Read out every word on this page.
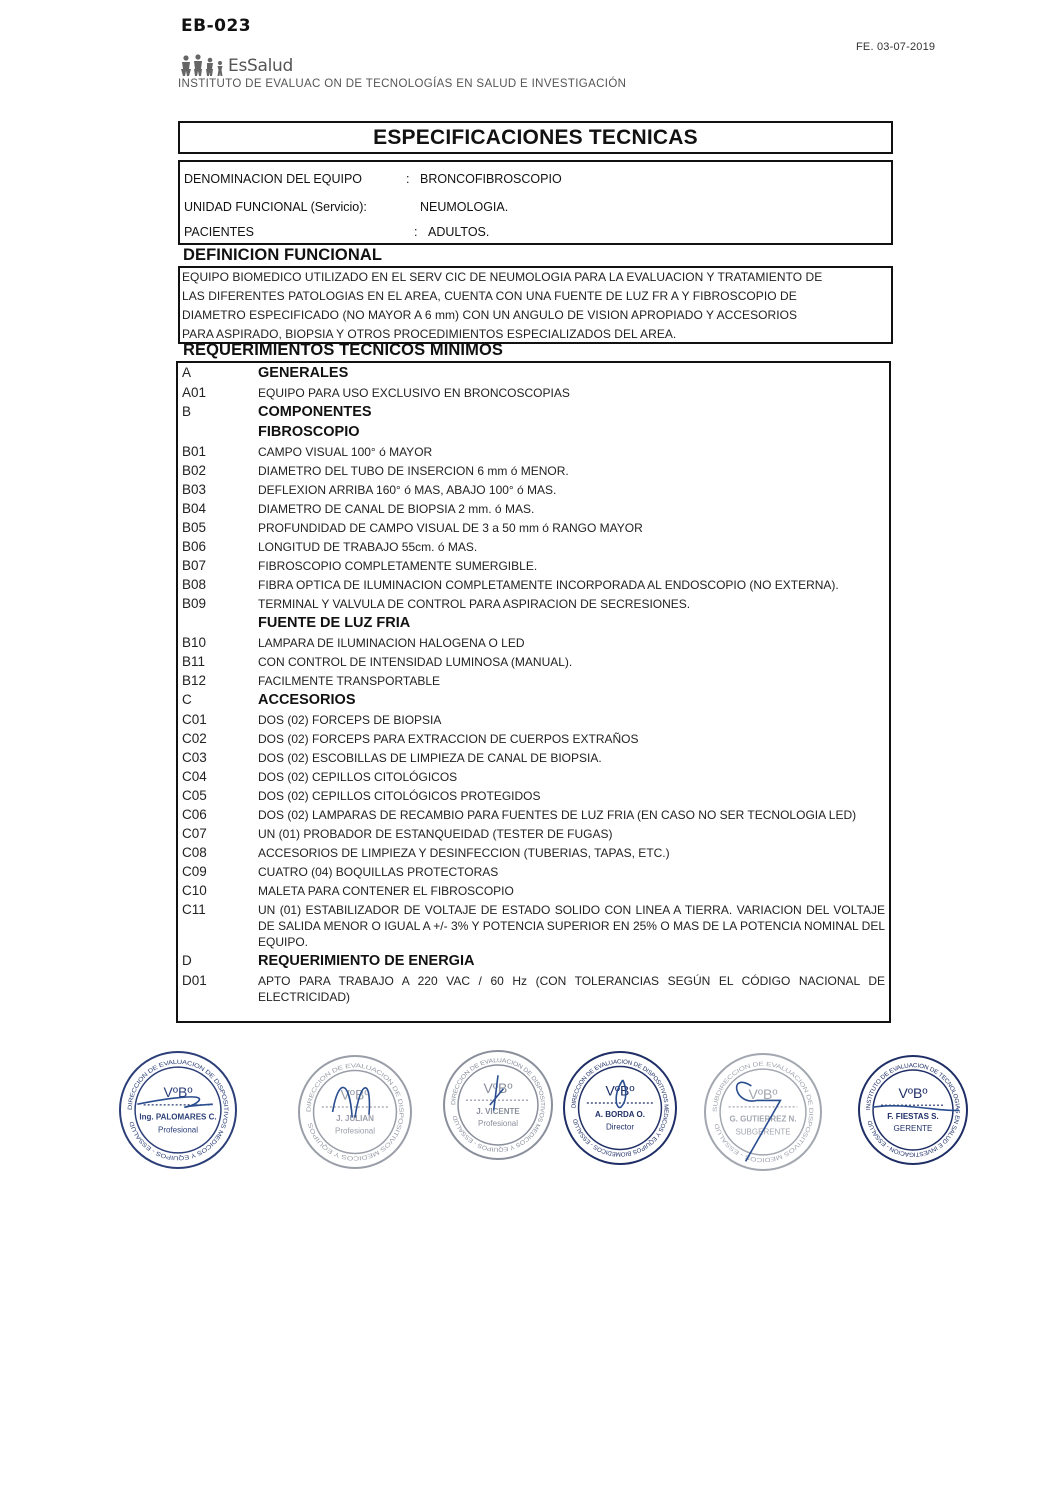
EB-023
FE. 03-07-2019
EsSalud
INSTITUTO DE EVALUAC ON DE TECNOLOGÍAS EN SALUD E INVESTIGACIÓN
ESPECIFICACIONES TECNICAS
DENOMINACION DEL EQUIPO	: BRONCOFIBROSCOPIO
UNIDAD FUNCIONAL (Servicio):	NEUMOLOGIA.
PACIENTES	: ADULTOS.
DEFINICION FUNCIONAL
EQUIPO BIOMEDICO UTILIZADO EN EL SERV CIC DE NEUMOLOGIA PARA LA EVALUACION Y TRATAMIENTO DE
LAS DIFERENTES PATOLOGIAS EN EL AREA, CUENTA CON UNA FUENTE DE LUZ FR A Y FIBROSCOPIO DE
DIAMETRO ESPECIFICADO (NO MAYOR A 6 mm) CON UN ANGULO DE VISION APROPIADO Y ACCESORIOS
PARA ASPIRADO, BIOPSIA Y OTROS PROCEDIMIENTOS ESPECIALIZADOS DEL AREA.
REQUERIMIENTOS TECNICOS MINIMOS
A	GENERALES
A01	EQUIPO PARA USO EXCLUSIVO EN BRONCOSCOPIAS
B	COMPONENTES
FIBROSCOPIO
B01	CAMPO VISUAL 100° ó MAYOR
B02	DIAMETRO DEL TUBO DE INSERCION 6 mm ó MENOR.
B03	DEFLEXION ARRIBA 160° ó MAS, ABAJO 100° ó MAS.
B04	DIAMETRO DE CANAL DE BIOPSIA 2 mm. ó MAS.
B05	PROFUNDIDAD DE CAMPO VISUAL DE 3 a 50 mm ó RANGO MAYOR
B06	LONGITUD DE TRABAJO 55cm. ó MAS.
B07	FIBROSCOPIO COMPLETAMENTE SUMERGIBLE.
B08	FIBRA OPTICA DE ILUMINACION COMPLETAMENTE INCORPORADA AL ENDOSCOPIO (NO EXTERNA).
B09	TERMINAL Y VALVULA DE CONTROL PARA ASPIRACION DE SECRESIONES.
FUENTE DE LUZ FRIA
B10	LAMPARA DE ILUMINACION HALOGENA O LED
B11	CON CONTROL DE INTENSIDAD LUMINOSA (MANUAL).
B12	FACILMENTE TRANSPORTABLE
C	ACCESORIOS
C01	DOS (02) FORCEPS DE BIOPSIA
C02	DOS (02) FORCEPS PARA EXTRACCION DE CUERPOS EXTRAÑOS
C03	DOS (02) ESCOBILLAS DE LIMPIEZA DE CANAL DE BIOPSIA.
C04	DOS (02) CEPILLOS CITOLÓGICOS
C05	DOS (02) CEPILLOS CITOLÓGICOS PROTEGIDOS
C06	DOS (02) LAMPARAS DE RECAMBIO PARA FUENTES DE LUZ FRIA (EN CASO NO SER TECNOLOGIA LED)
C07	UN (01) PROBADOR DE ESTANQUEIDAD (TESTER DE FUGAS)
C08	ACCESORIOS DE LIMPIEZA Y DESINFECCION (TUBERIAS, TAPAS, ETC.)
C09	CUATRO (04) BOQUILLAS PROTECTORAS
C10	MALETA PARA CONTENER EL FIBROSCOPIO
C11	UN (01) ESTABILIZADOR DE VOLTAJE DE ESTADO SOLIDO CON LINEA A TIERRA. VARIACION DEL VOLTAJE DE SALIDA MENOR O IGUAL A +/- 3% Y POTENCIA SUPERIOR EN 25% O MAS DE LA POTENCIA NOMINAL DEL EQUIPO.
D	REQUERIMIENTO DE ENERGIA
D01	APTO PARA TRABAJO A 220 VAC / 60 Hz (CON TOLERANCIAS SEGÚN EL CÓDIGO NACIONAL DE ELECTRICIDAD)
DIRECCION DE EVALUACION DE DISPOSITIVOS MEDICOS Y EQUIPOS - ESSALUD
VºBº
Ing. PALOMARES C.
Profesional
DIRECCION DE EVALUACION DE DISPOSITIVOS MEDICOS Y EQUIPOS
VºBº
J. JULIAN
Profesional
DIRECCION DE EVALUACION DE DISPOSITIVOS MEDICOS Y EQUIPOS - ESSALUD
VºBº
J. VICENTE
Profesional
DIRECCION DE EVALUACION DE DISPOSITIVOS MEDICOS Y EQUIPOS BIOMEDICOS - ESSALUD
VºBº
A. BORDA O.
Director
SUBDIRECCION DE EVALUACION DE DISPOSITIVOS MEDICOS - ESSALUD
VºBº
G. GUTIERREZ N.
SUBGERENTE
INSTITUTO DE EVALUACION DE TECNOLOGIAS EN SALUD E INVESTIGACION - ESSALUD
VºBº
F. FIESTAS S.
GERENTE
